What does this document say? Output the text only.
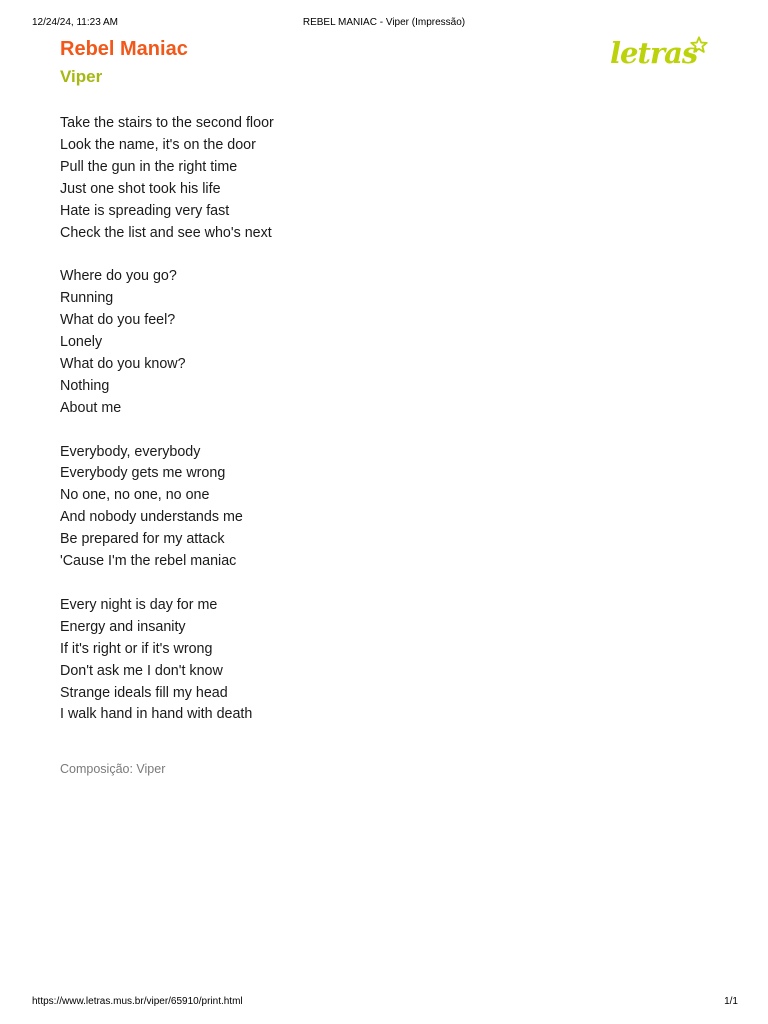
12/24/24, 11:23 AM	REBEL MANIAC - Viper (Impressão)
Rebel Maniac
Viper
letras
Take the stairs to the second floor
Look the name, it's on the door
Pull the gun in the right time
Just one shot took his life
Hate is spreading very fast
Check the list and see who's next
Where do you go?
Running
What do you feel?
Lonely
What do you know?
Nothing
About me
Everybody, everybody
Everybody gets me wrong
No one, no one, no one
And nobody understands me
Be prepared for my attack
'Cause I'm the rebel maniac
Every night is day for me
Energy and insanity
If it's right or if it's wrong
Don't ask me I don't know
Strange ideals fill my head
I walk hand in hand with death
Composição: Viper
https://www.letras.mus.br/viper/65910/print.html	1/1
